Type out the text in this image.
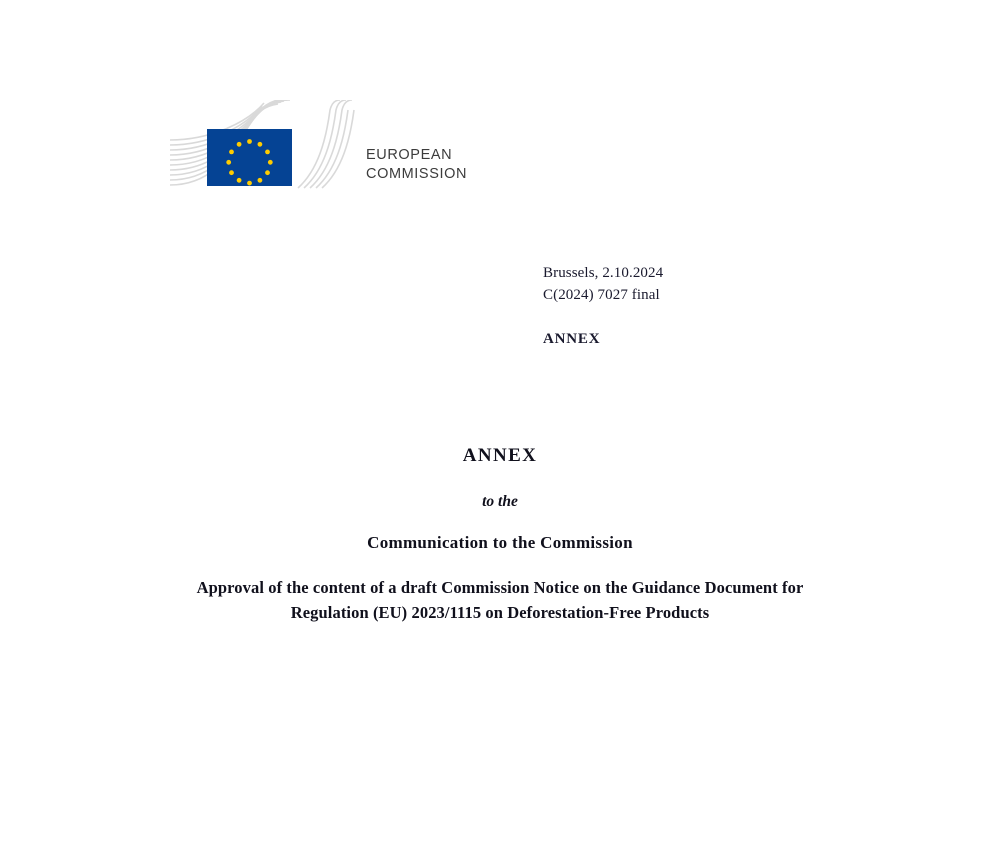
EUROPEAN
COMMISSION
Brussels, 2.10.2024
C(2024) 7027 final
ANNEX
ANNEX
to the
Communication to the Commission
Approval of the content of a draft Commission Notice on the Guidance Document for
Regulation (EU) 2023/1115 on Deforestation-Free Products
